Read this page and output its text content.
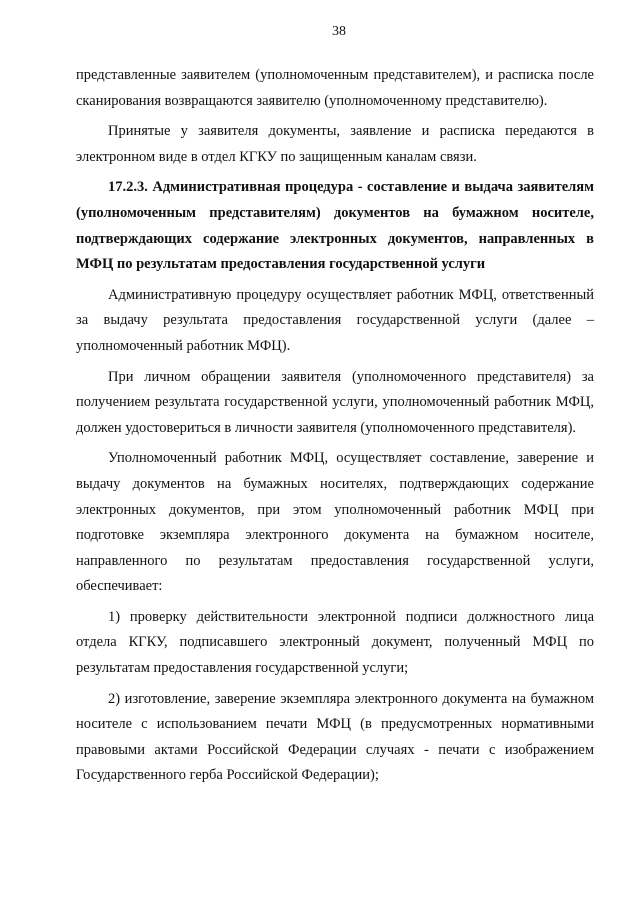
38

представленные заявителем (уполномоченным представителем), и расписка после сканирования возвращаются заявителю (уполномоченному представителю).

Принятые у заявителя документы, заявление и расписка передаются в электронном виде в отдел КГКУ по защищенным каналам связи.

17.2.3. Административная процедура - составление и выдача заявителям (уполномоченным представителям) документов на бумажном носителе, подтверждающих содержание электронных документов, направленных в МФЦ по результатам предоставления государственной услуги

Административную процедуру осуществляет работник МФЦ, ответственный за выдачу результата предоставления государственной услуги (далее – уполномоченный работник МФЦ).

При личном обращении заявителя (уполномоченного представителя) за получением результата государственной услуги, уполномоченный работник МФЦ, должен удостовериться в личности заявителя (уполномоченного представителя).

Уполномоченный работник МФЦ, осуществляет составление, заверение и выдачу документов на бумажных носителях, подтверждающих содержание электронных документов, при этом уполномоченный работник МФЦ при подготовке экземпляра электронного документа на бумажном носителе, направленного по результатам предоставления государственной услуги, обеспечивает:

1) проверку действительности электронной подписи должностного лица отдела КГКУ, подписавшего электронный документ, полученный МФЦ по результатам предоставления государственной услуги;

2) изготовление, заверение экземпляра электронного документа на бумажном носителе с использованием печати МФЦ (в предусмотренных нормативными правовыми актами Российской Федерации случаях - печати с изображением Государственного герба Российской Федерации);
